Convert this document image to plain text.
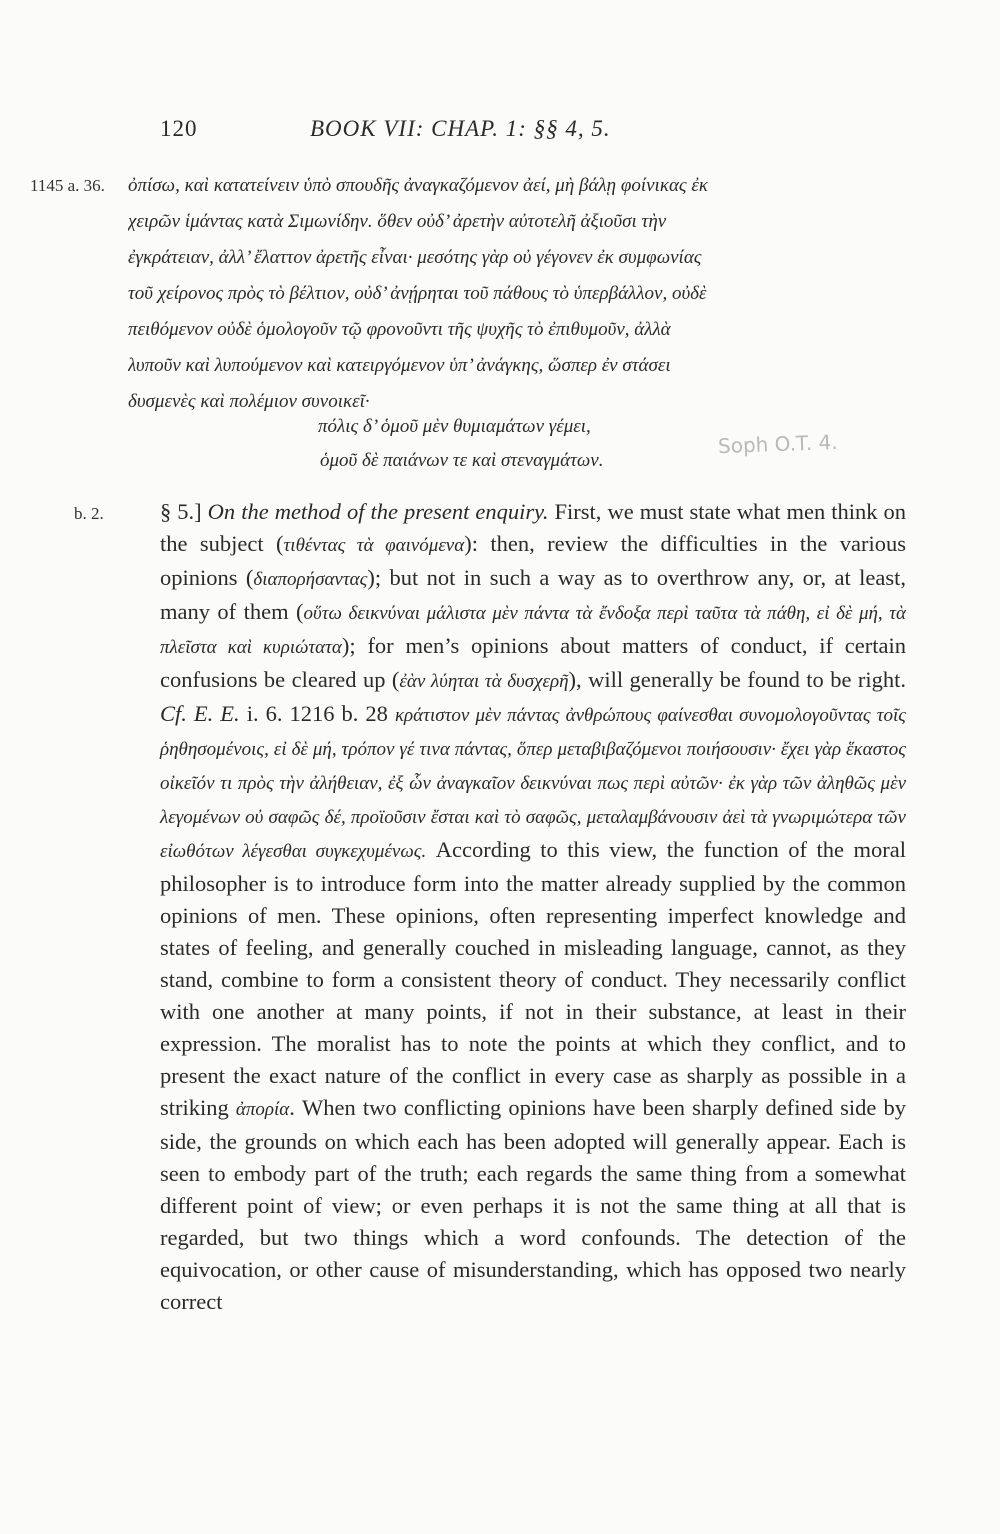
120	BOOK VII: CHAP. 1: §§ 4, 5.
1145 a. 36. ὀπίσω, καὶ κατατείνειν ὑπὸ σπουδῆς ἀναγκαζόμενον ἀεί, μὴ βάλῃ φοίνικας ἐκ
χειρῶν ἱμάντας κατὰ Σιμωνίδην. ὅθεν οὐδ’ ἀρετὴν αὐτοτελῆ ἀξιοῦσι τὴν
ἐγκράτειαν, ἀλλ’ ἔλαττον ἀρετῆς εἶναι· μεσότης γὰρ οὐ γέγονεν ἐκ συμφωνίας
τοῦ χείρονος πρὸς τὸ βέλτιον, οὐδ’ ἀνῄρηται τοῦ πάθους τὸ ὑπερβάλλον, οὐδὲ
πειθόμενον οὐδὲ ὁμολογοῦν τῷ φρονοῦντι τῆς ψυχῆς τὸ ἐπιθυμοῦν, ἀλλὰ
λυποῦν καὶ λυπούμενον καὶ κατειργόμενον ὑπ’ ἀνάγκης, ὥσπερ ἐν στάσει
δυσμενὲς καὶ πολέμιον συνοικεῖ·
πόλις δ’ ὁμοῦ μὲν θυμιαμάτων γέμει,
ὁμοῦ δὲ παιάνων τε καὶ στεναγμάτων.
Soph O.T. 4.
b. 2.	§ 5.] On the method of the present enquiry. First, we must state what men think on the subject (τιθέντας τὰ φαινόμενα): then, review the difficulties in the various opinions (διαπορήσαντας); but not in such a way as to overthrow any, or, at least, many of them (οὕτω δεικνύναι μάλιστα μὲν πάντα τὰ ἔνδοξα περὶ ταῦτα τὰ πάθη, εἰ δὲ μή, τὰ πλεῖστα καὶ κυριώτατα); for men’s opinions about matters of conduct, if certain confusions be cleared up (ἐὰν λύηται τὰ δυσχερῆ), will generally be found to be right. Cf. E. E. i. 6. 1216 b. 28 κράτιστον μὲν πάντας ἀνθρώπους φαίνεσθαι συνομολογοῦντας τοῖς ῥηθησομένοις, εἰ δὲ μή, τρόπον γέ τινα πάντας, ὅπερ μεταβιβαζόμενοι ποιήσουσιν· ἔχει γὰρ ἕκαστος οἰκεῖόν τι πρὸς τὴν ἀλήθειαν, ἐξ ὧν ἀναγκαῖον δεικνύναι πως περὶ αὐτῶν· ἐκ γὰρ τῶν ἀληθῶς μὲν λεγομένων οὐ σαφῶς δέ, προϊοῦσιν ἔσται καὶ τὸ σαφῶς, μεταλαμβάνουσιν ἀεὶ τὰ γνωριμώτερα τῶν εἰωθότων λέγεσθαι συγκεχυμένως. According to this view, the function of the moral philosopher is to introduce form into the matter already supplied by the common opinions of men. These opinions, often representing imperfect knowledge and states of feeling, and generally couched in misleading language, cannot, as they stand, combine to form a consistent theory of conduct. They necessarily conflict with one another at many points, if not in their substance, at least in their expression. The moralist has to note the points at which they conflict, and to present the exact nature of the conflict in every case as sharply as possible in a striking ἀπορία. When two conflicting opinions have been sharply defined side by side, the grounds on which each has been adopted will generally appear. Each is seen to embody part of the truth; each regards the same thing from a somewhat different point of view; or even perhaps it is not the same thing at all that is regarded, but two things which a word confounds. The detection of the equivocation, or other cause of misunderstanding, which has opposed two nearly correct
